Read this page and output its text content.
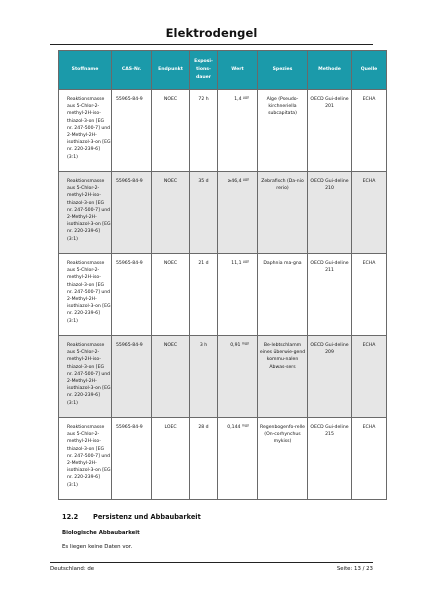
Elektrodengel
Stoffname	CAS-Nr.	Endpunkt	Exposi-tions-dauer	Wert	Spezies	Methode	Quelle
Reaktionsmasse aus 5-Chlor-2-methyl-2H-iso-thiazol-3-on [EG nr. 247-500-7] und 2-Methyl-2H-isothiazol-3-on [EG nr. 220-239-6] (3:1)	55965-84-9	NOEC	72 h	1,4 $^{\mu g/l}$	Alge (Pseudo-kirchneriella subcapitata)	OECD Gui-deline 201	ECHA
Reaktionsmasse aus 5-Chlor-2-methyl-2H-iso-thiazol-3-on [EG nr. 247-500-7] und 2-Methyl-2H-isothiazol-3-on [EG nr. 220-239-6] (3:1)	55965-84-9	NOEC	35 d	≥46,4 $^{\mu g/l}$	Zebrafisch (Da-nio rerio)	OECD Gui-deline 210	ECHA
Reaktionsmasse aus 5-Chlor-2-methyl-2H-iso-thiazol-3-on [EG nr. 247-500-7] und 2-Methyl-2H-isothiazol-3-on [EG nr. 220-239-6] (3:1)	55965-84-9	NOEC	21 d	11,1 $^{\mu g/l}$	Daphnia ma-gna	OECD Gui-deline 211	ECHA
Reaktionsmasse aus 5-Chlor-2-methyl-2H-iso-thiazol-3-on [EG nr. 247-500-7] und 2-Methyl-2H-isothiazol-3-on [EG nr. 220-239-6] (3:1)	55965-84-9	NOEC	3 h	0,91 $^{mg/l}$	Be-lebtschlamm eines überwie-gend kommu-nalen Abwas-sers	OECD Gui-deline 209	ECHA
Reaktionsmasse aus 5-Chlor-2-methyl-2H-iso-thiazol-3-on [EG nr. 247-500-7] und 2-Methyl-2H-isothiazol-3-on [EG nr. 220-239-6] (3:1)	55965-84-9	LOEC	28 d	0,144 $^{mg/l}$	Regenbogenfo-relle (On-corhynchus mykiss)	OECD Gui-deline 215	ECHA
12.2 Persistenz und Abbaubarkeit
Biologische Abbaubarkeit
Es liegen keine Daten vor.
Deutschland: de	Seite: 13 / 23
